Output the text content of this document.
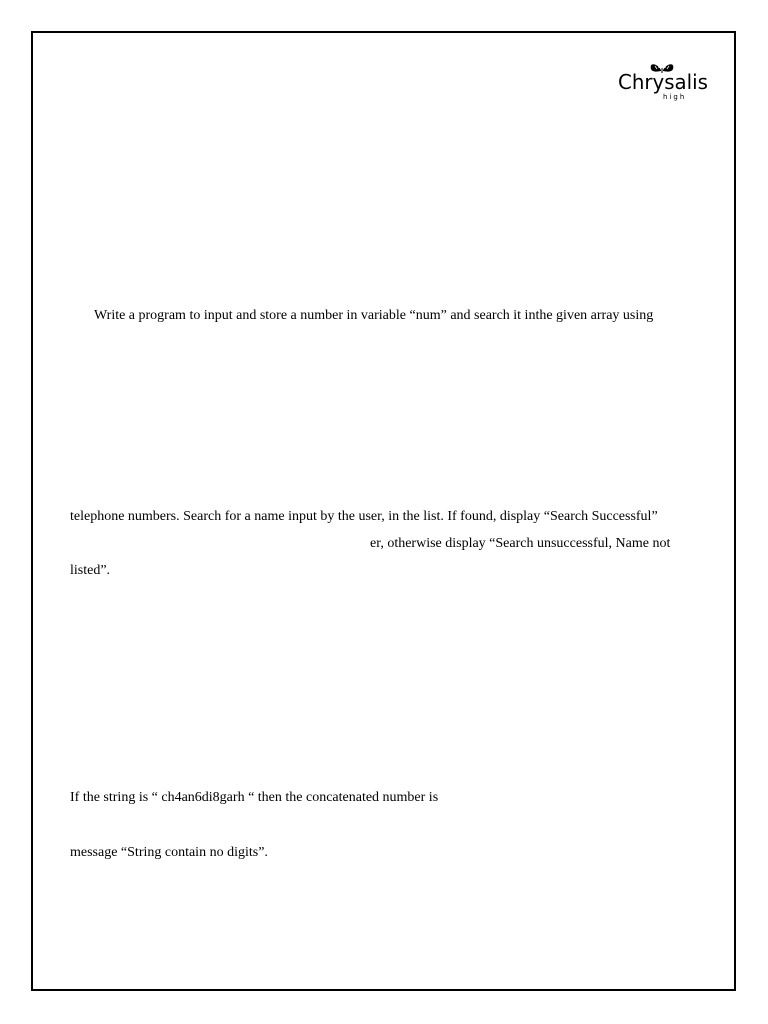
Chrysalis
high

Write a program to input and store a number in variable “num” and search it inthe given array using

telephone numbers. Search for a name input by the user, in the list. If found, display “Search Successful”

er, otherwise display “Search unsuccessful, Name not

listed”.

If the string is “ ch4an6di8garh “ then the concatenated number is

message “String contain no digits”.
